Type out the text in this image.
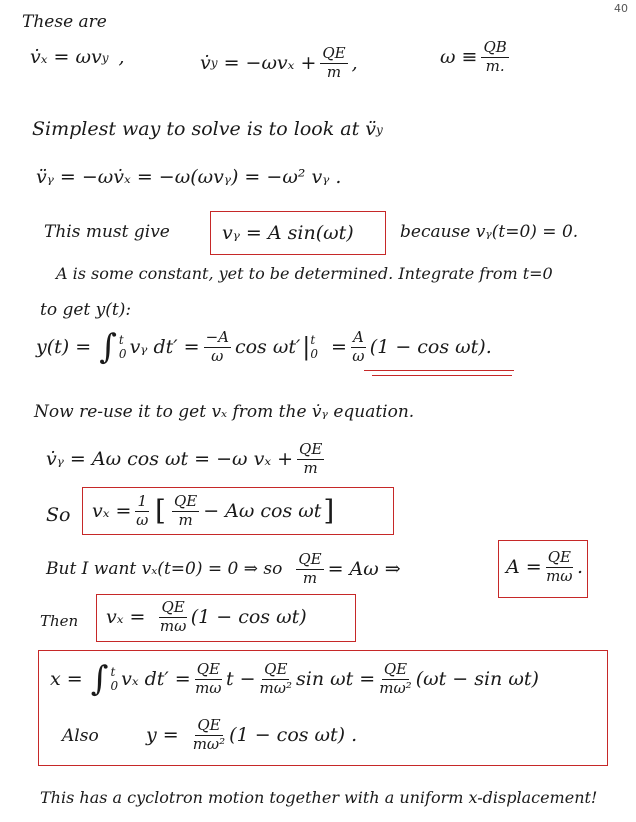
40
These are
v̇ₓ
= ωv y ,	v̇ y
= $-\omega v_x + \frac{QE}{m}$ ,	$\omega \equiv \frac{QB}{m.}$
Simplest way to solve is to look at
v̈ y
v̈ᵧ = −ωv̇ₓ = −ω(ωvᵧ) = −ω² vᵧ .
This must give	vᵧ = A sin(ωt)	because vᵧ(t=0) = 0.
A is some constant, yet to be determined. Integrate from t=0
to get y(t):
y(t) =
∫ t
0 vᵧ $dt' = \frac{-A}{\omega}$ cos ωt′ | t
$0 = \frac{A}{\omega} (1 - \cos \omega t)$.
Now re-use it to get vₓ from the v̇ᵧ equation.
v̇ᵧ = Aω cos ωt = −ω $v_x + \frac{QE}{m}$
So $v_x = \frac{1}{\omega}$ [ $\frac{QE}{m} - A\omega$ cos ωt ]
But I want vₓ(t=0) = 0 ⇒ so $\frac{QE}{m} = A\omega$ ⇒	$A = \frac{QE}{m\omega}$ .
Then $v_x = \frac{QE}{m\omega} (1 - \cos \omega t)$
x =
∫ t
0 vₓ $dt' = \frac{QE}{m\omega}$ $t - \frac{QE}{\text{mω²}}$ $\sin \omega t = \frac{QE}{\text{mω²}} (\omega t - \sin \omega t)$
Also $y = \frac{QE}{\text{mω²}} (1 - \cos \omega t)$ .
This has a cyclotron motion together with a uniform x-displacement!
